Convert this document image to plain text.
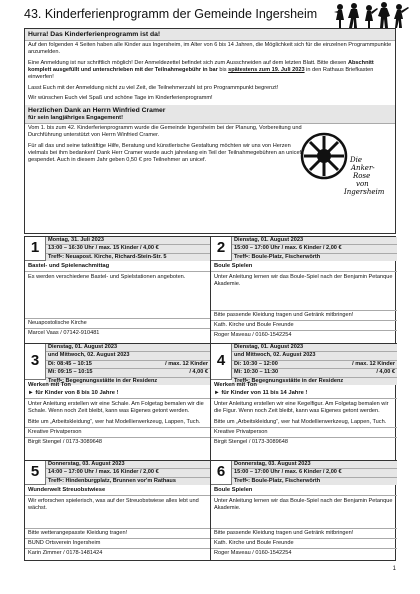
43. Kinderferienprogramm der Gemeinde Ingersheim
Hurra! Das Kinderferienprogramm ist da!

Auf den folgenden 4 Seiten haben alle Kinder aus Ingersheim, im Alter von 6 bis 14 Jahren, die Möglichkeit sich für die einzelnen Programmpunkte anzumelden.

Eine Anmeldung ist nur schriftlich möglich! Der Anmeldezettel befindet sich zum Ausschneiden auf dem letzten Blatt. Bitte diesen Abschnitt komplett ausgefüllt und unterschrieben mit der Teilnahmegebühr in bar bis spätestens zum 19. Juli 2023 in den Rathaus Briefkasten einwerfen!

Lasst Euch mit der Anmeldung nicht zu viel Zeit, die Teilnehmerzahl ist pro Programmpunkt begrenzt!

Wir wünschen Euch viel Spaß und schöne Tage im Kinderferienprogramm!

Herzlichen Dank an Herrn Winfried Cramer
für sein langjähriges Engagement!

Vom 1. bis zum 42. Kinderferienprogramm wurde die Gemeinde Ingersheim bei der Planung, Vorbereitung und Durchführung unterstützt von Herrn Winfried Cramer.

Für all das und seine tatkräftige Hilfe, Beratung und künstlerische Gestaltung möchten wir uns von Herzen vielmals bei ihm bedanken! Dank Herr Cramer wurde auch jahrelang ein Teil der Teilnahmegebühren an unicef gespendet. Auch in diesem Jahr geben 0,50 € pro Teilnehmer an unicef.	Die
Anker-
Rose
von
Ingersheim
1	Montag, 31. Juli 2023
13:00 – 16:30 Uhr / max. 15 Kinder / 4,00 €
Treff▪: Neuapost. Kirche, Richard-Stein-Str. 5
Bastel- und Spielenachmittag
Es werden verschiedene Bastel- und Spielstationen angeboten.
Neuapostolische Kirche
Marcel Vaas / 07142-910481
3
Dienstag, 01. August 2023
und Mittwoch, 02. August 2023
Di: 08:45 – 10:15	/ max. 12 Kinder
Mi: 09:15 – 10:15	/ 4,00 €
Treff▪: Begegnungsstätte in der Residenz
Werken mit Ton
► für Kinder von 8 bis 10 Jahre !
Unter Anleitung erstellen wir eine Schale. Am Folgetag bemalen wir die Schale. Wenn noch Zeit bleibt, kann was Eigenes getont werden.
Bitte um „Arbeitskleidung“, wer hat Modellierwerkzeug, Lappen, Tuch.
Kreative Privatperson
Birgit Stengel / 0173-3089648
5	Donnerstag, 03. August 2023
14:00 – 17:00 Uhr / max. 16 Kinder / 2,00 €
Treff▪: Hindenburgplatz, Brunnen vor'm Rathaus
Wunderwelt Streuobstwiese
Wir erforschen spielerisch, was auf der Streuobstwiese alles lebt und wächst.
Bitte wetterangepasste Kleidung tragen!
BUND Ortsverein Ingersheim
Karin Zimmer / 0178-1481424
2	Dienstag, 01. August 2023
15:00 – 17:00 Uhr / max. 6 Kinder / 2,00 €
Treff▪: Boule-Platz, Fischerwörth
Boule Spielen
Unter Anleitung lernen wir das Boule-Spiel nach der Benjamin Petanque Akademie.
Bitte passende Kleidung tragen und Getränk mitbringen!
Kath. Kirche und Boule Freunde
Roger Maveau / 0160-1542254
4
Dienstag, 01. August 2023
und Mittwoch, 02. August 2023
Di: 10:30 – 12:00	/ max. 12 Kinder
Mi: 10:30 – 11:30	/ 4,00 €
Treff▪: Begegnungsstätte in der Residenz
Werken mit Ton
► für Kinder von 11 bis 14 Jahre !
Unter Anleitung erstellen wir eine Kegelfigur. Am Folgetag bemalen wir die Figur. Wenn noch Zeit bleibt, kann was Eigenes getont werden.
Bitte um „Arbeitskleidung“, wer hat Modellierwerkzeug, Lappen, Tuch.
Kreative Privatperson
Birgit Stengel / 0173-3089648
6	Donnerstag, 03. August 2023
15:00 – 17:00 Uhr / max. 6 Kinder / 2,00 €
Treff▪: Boule-Platz, Fischerwörth
Boule Spielen
Unter Anleitung lernen wir das Boule-Spiel nach der Benjamin Petanque Akademie.
Bitte passende Kleidung tragen und Getränk mitbringen!
Kath. Kirche und Boule Freunde
Roger Maveau / 0160-1542254
1
